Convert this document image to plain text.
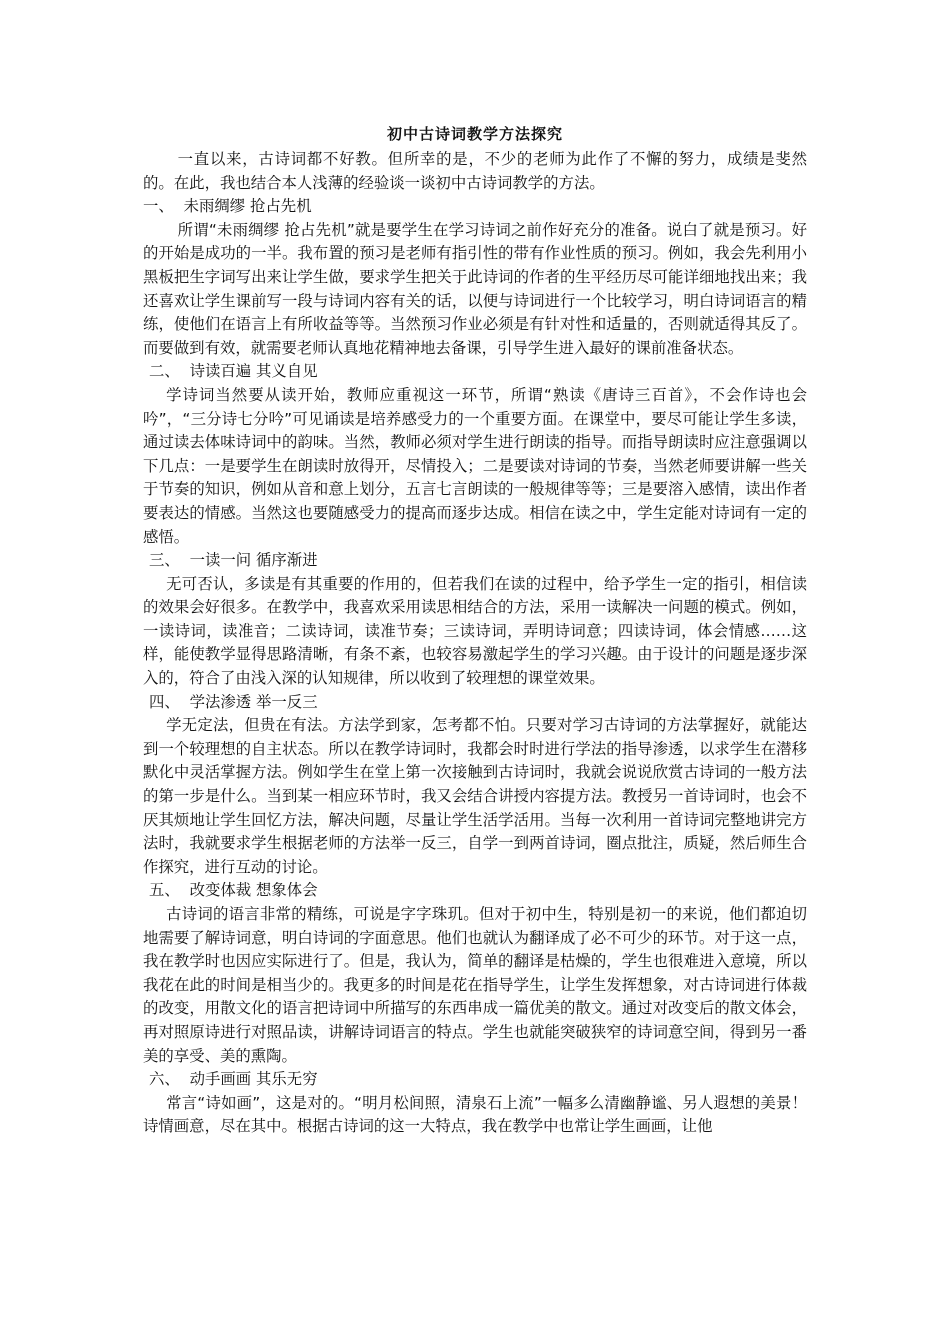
初中古诗词教学方法探究

一直以来，古诗词都不好教。但所幸的是，不少的老师为此作了不懈的努力，成绩是斐然的。在此，我也结合本人浅薄的经验谈一谈初中古诗词教学的方法。

一、  未雨绸缪 抢占先机

所谓“未雨绸缪 抢占先机”就是要学生在学习诗词之前作好充分的准备。说白了就是预习。好的开始是成功的一半。我布置的预习是老师有指引性的带有作业性质的预习。例如，我会先利用小黑板把生字词写出来让学生做，要求学生把关于此诗词的作者的生平经历尽可能详细地找出来；我还喜欢让学生课前写一段与诗词内容有关的话，以便与诗词进行一个比较学习，明白诗词语言的精练，使他们在语言上有所收益等等。当然预习作业必须是有针对性和适量的，否则就适得其反了。而要做到有效，就需要老师认真地花精神地去备课，引导学生进入最好的课前准备状态。

二、  诗读百遍 其义自见

学诗词当然要从读开始，教师应重视这一环节，所谓“熟读《唐诗三百首》，不会作诗也会吟”，“三分诗七分吟”可见诵读是培养感受力的一个重要方面。在课堂中，要尽可能让学生多读，通过读去体味诗词中的韵味。当然，教师必须对学生进行朗读的指导。而指导朗读时应注意强调以下几点：一是要学生在朗读时放得开，尽情投入；二是要读对诗词的节奏，当然老师要讲解一些关于节奏的知识，例如从音和意上划分，五言七言朗读的一般规律等等；三是要溶入感情，读出作者要表达的情感。当然这也要随感受力的提高而逐步达成。相信在读之中，学生定能对诗词有一定的感悟。

三、  一读一问 循序渐进

无可否认，多读是有其重要的作用的，但若我们在读的过程中，给予学生一定的指引，相信读的效果会好很多。在教学中，我喜欢采用读思相结合的方法，采用一读解决一问题的模式。例如，一读诗词，读准音；二读诗词，读准节奏；三读诗词，弄明诗词意；四读诗词，体会情感……这样，能使教学显得思路清晰，有条不紊，也较容易激起学生的学习兴趣。由于设计的问题是逐步深入的，符合了由浅入深的认知规律，所以收到了较理想的课堂效果。

四、  学法渗透 举一反三

学无定法，但贵在有法。方法学到家，怎考都不怕。只要对学习古诗词的方法掌握好，就能达到一个较理想的自主状态。所以在教学诗词时，我都会时时进行学法的指导渗透，以求学生在潜移默化中灵活掌握方法。例如学生在堂上第一次接触到古诗词时，我就会说说欣赏古诗词的一般方法的第一步是什么。当到某一相应环节时，我又会结合讲授内容提方法。教授另一首诗词时，也会不厌其烦地让学生回忆方法，解决问题，尽量让学生活学活用。当每一次利用一首诗词完整地讲完方法时，我就要求学生根据老师的方法举一反三，自学一到两首诗词，圈点批注，质疑，然后师生合作探究，进行互动的讨论。

五、  改变体裁 想象体会

古诗词的语言非常的精练，可说是字字珠玑。但对于初中生，特别是初一的来说，他们都迫切地需要了解诗词意，明白诗词的字面意思。他们也就认为翻译成了必不可少的环节。对于这一点，我在教学时也因应实际进行了。但是，我认为，简单的翻译是枯燥的，学生也很难进入意境，所以我花在此的时间是相当少的。我更多的时间是花在指导学生，让学生发挥想象，对古诗词进行体裁的改变，用散文化的语言把诗词中所描写的东西串成一篇优美的散文。通过对改变后的散文体会，再对照原诗进行对照品读，讲解诗词语言的特点。学生也就能突破狭窄的诗词意空间，得到另一番美的享受、美的熏陶。

六、  动手画画 其乐无穷

常言“诗如画”，这是对的。“明月松间照，清泉石上流”一幅多么清幽静谧、另人遐想的美景！诗情画意，尽在其中。根据古诗词的这一大特点，我在教学中也常让学生画画，让他
